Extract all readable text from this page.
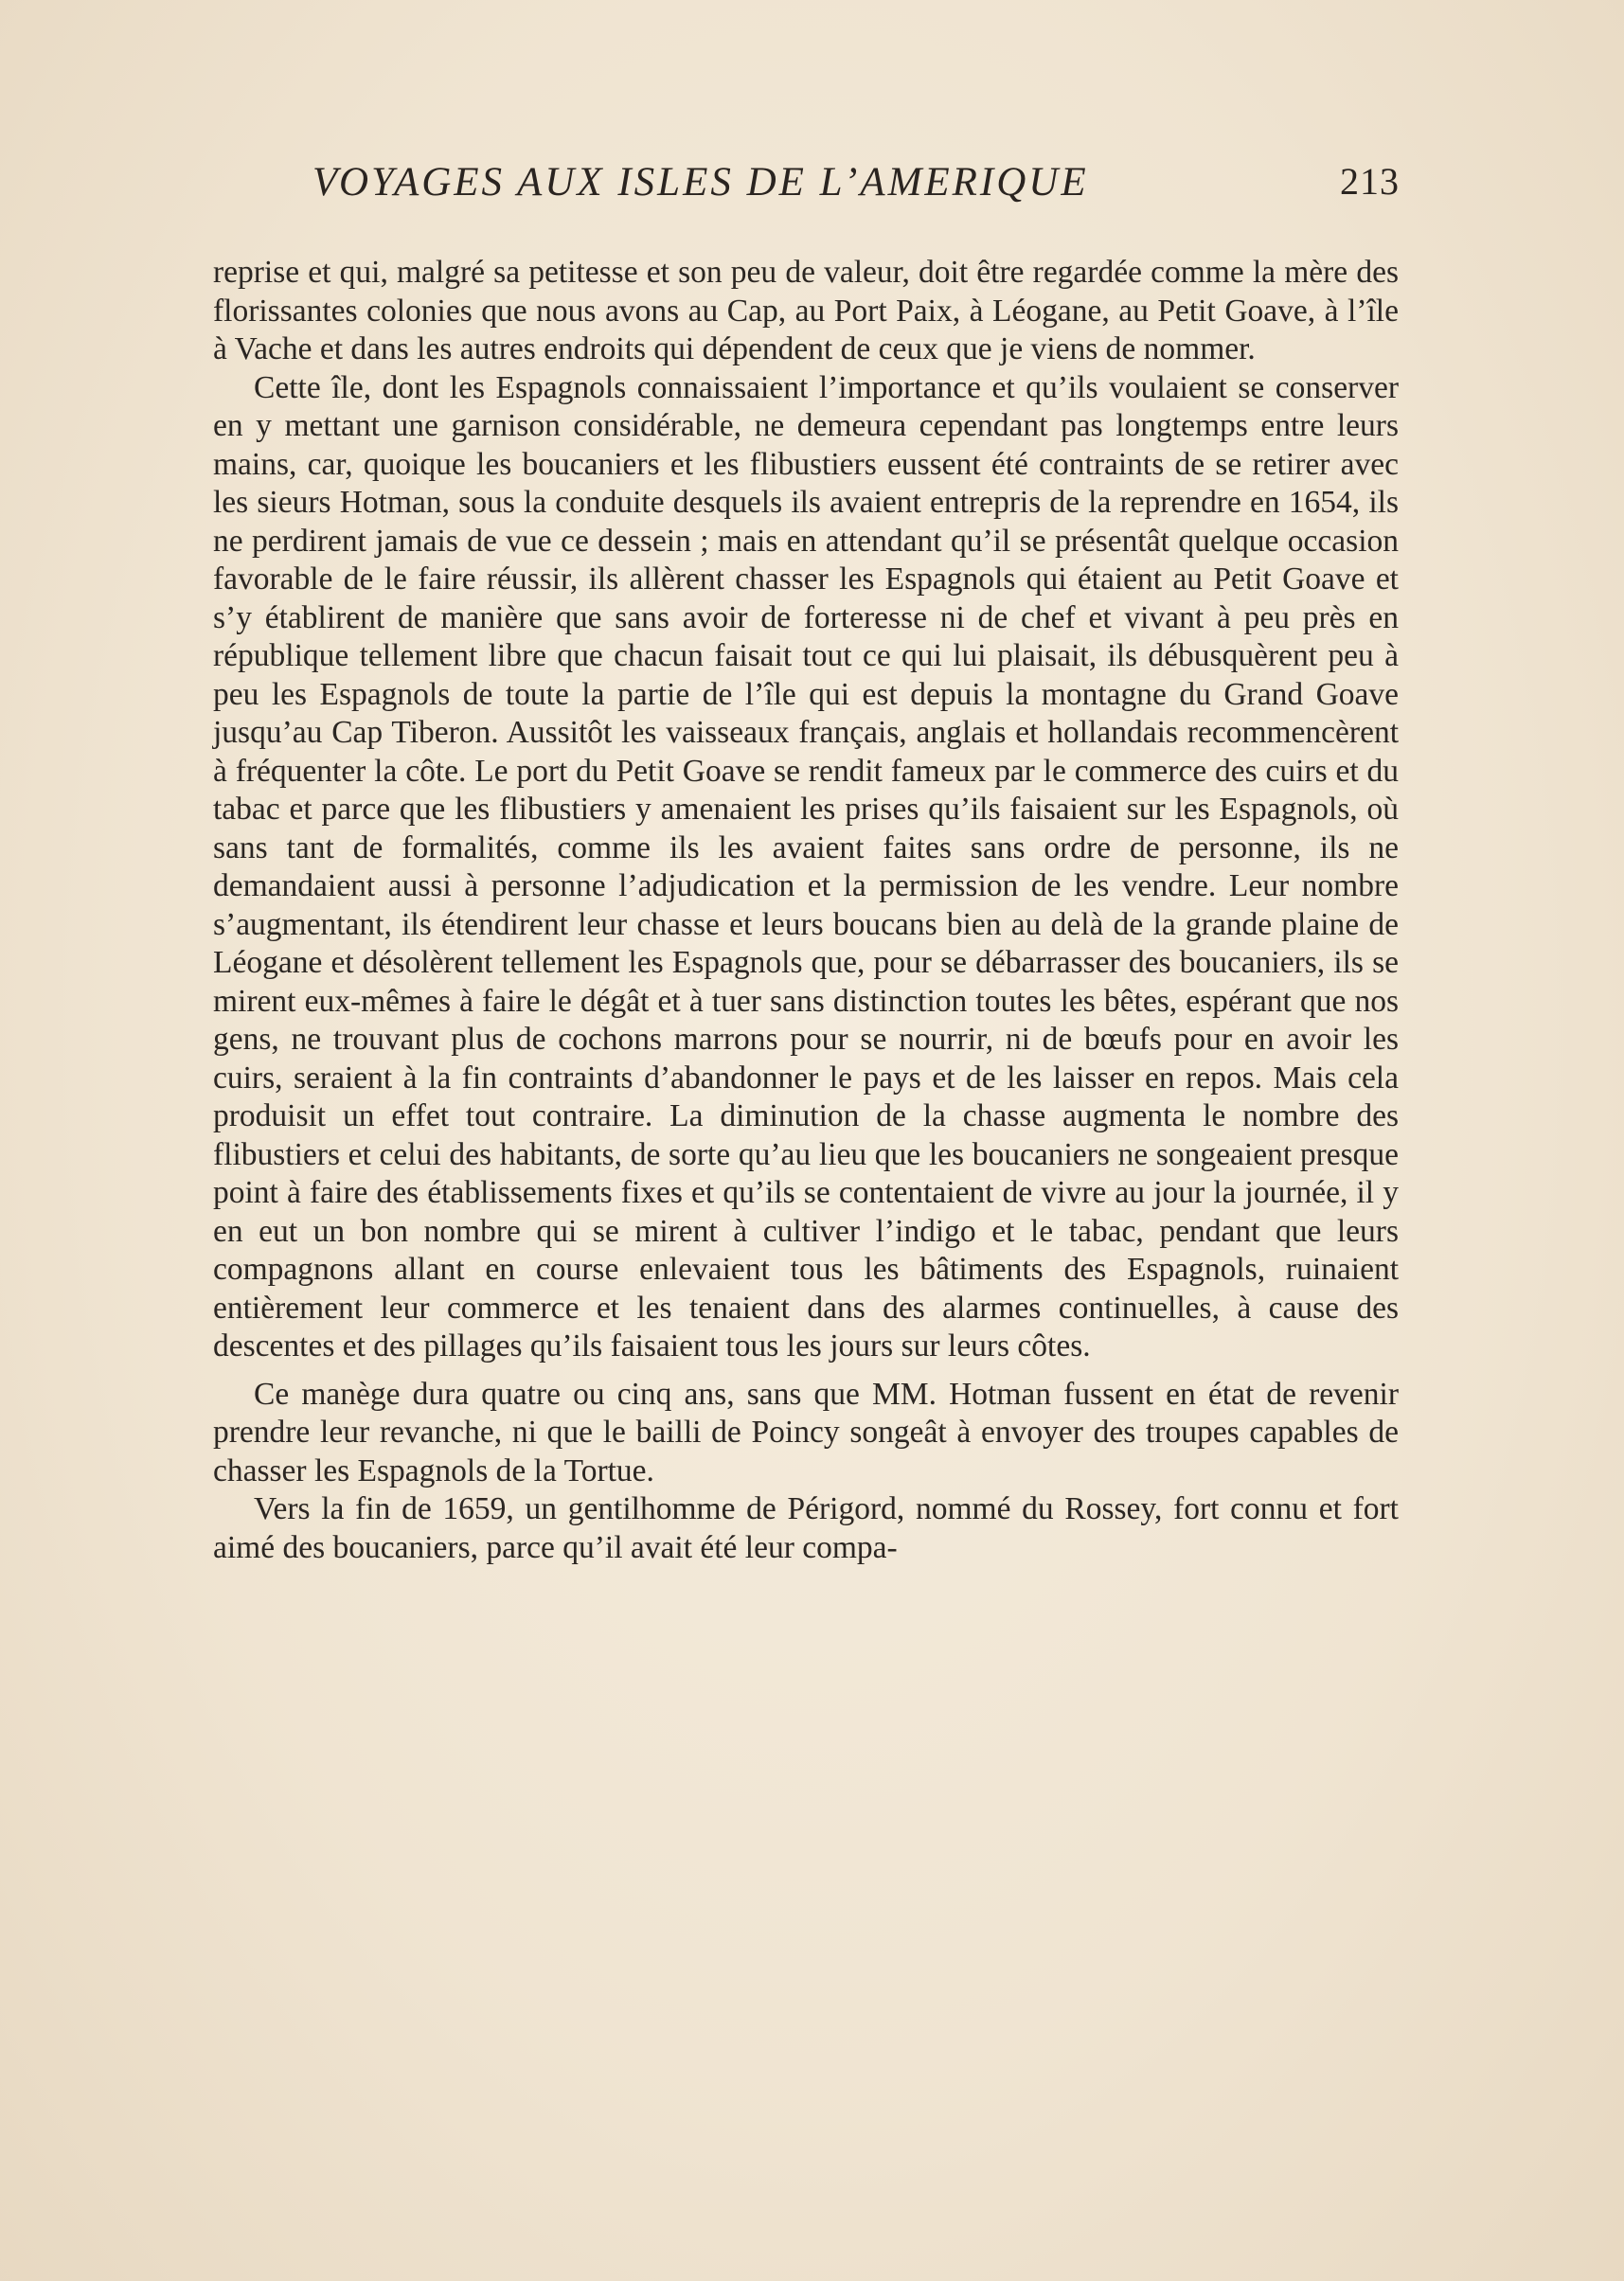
VOYAGES AUX ISLES DE L’AMERIQUE	213

reprise et qui, malgré sa petitesse et son peu de valeur, doit être regardée comme la mère des florissantes colonies que nous avons au Cap, au Port Paix, à Léogane, au Petit Goave, à l’île à Vache et dans les autres endroits qui dépendent de ceux que je viens de nommer.

Cette île, dont les Espagnols connaissaient l’importance et qu’ils voulaient se conserver en y mettant une garnison considérable, ne demeura cependant pas longtemps entre leurs mains, car, quoique les boucaniers et les flibustiers eussent été contraints de se retirer avec les sieurs Hotman, sous la conduite desquels ils avaient entrepris de la reprendre en 1654, ils ne perdirent jamais de vue ce dessein ; mais en attendant qu’il se présentât quelque occasion favorable de le faire réussir, ils allèrent chasser les Espagnols qui étaient au Petit Goave et s’y établirent de manière que sans avoir de forteresse ni de chef et vivant à peu près en république tellement libre que chacun faisait tout ce qui lui plaisait, ils débusquèrent peu à peu les Espagnols de toute la partie de l’île qui est depuis la montagne du Grand Goave jusqu’au Cap Tiberon. Aussitôt les vaisseaux français, anglais et hollandais recommencèrent à fréquenter la côte. Le port du Petit Goave se rendit fameux par le commerce des cuirs et du tabac et parce que les flibustiers y amenaient les prises qu’ils faisaient sur les Espagnols, où sans tant de formalités, comme ils les avaient faites sans ordre de personne, ils ne demandaient aussi à personne l’adjudication et la permission de les vendre. Leur nombre s’augmentant, ils étendirent leur chasse et leurs boucans bien au delà de la grande plaine de Léogane et désolèrent tellement les Espagnols que, pour se débarrasser des boucaniers, ils se mirent eux-mêmes à faire le dégât et à tuer sans distinction toutes les bêtes, espérant que nos gens, ne trouvant plus de cochons marrons pour se nourrir, ni de bœufs pour en avoir les cuirs, seraient à la fin contraints d’abandonner le pays et de les laisser en repos. Mais cela produisit un effet tout contraire. La diminution de la chasse augmenta le nombre des flibustiers et celui des habitants, de sorte qu’au lieu que les boucaniers ne songeaient presque point à faire des établissements fixes et qu’ils se contentaient de vivre au jour la journée, il y en eut un bon nombre qui se mirent à cultiver l’indigo et le tabac, pendant que leurs compagnons allant en course enlevaient tous les bâtiments des Espagnols, ruinaient entièrement leur commerce et les tenaient dans des alarmes continuelles, à cause des descentes et des pillages qu’ils faisaient tous les jours sur leurs côtes.

Ce manège dura quatre ou cinq ans, sans que MM. Hotman fussent en état de revenir prendre leur revanche, ni que le bailli de Poincy songeât à envoyer des troupes capables de chasser les Espagnols de la Tortue.

Vers la fin de 1659, un gentilhomme de Périgord, nommé du Rossey, fort connu et fort aimé des boucaniers, parce qu’il avait été leur compa-
